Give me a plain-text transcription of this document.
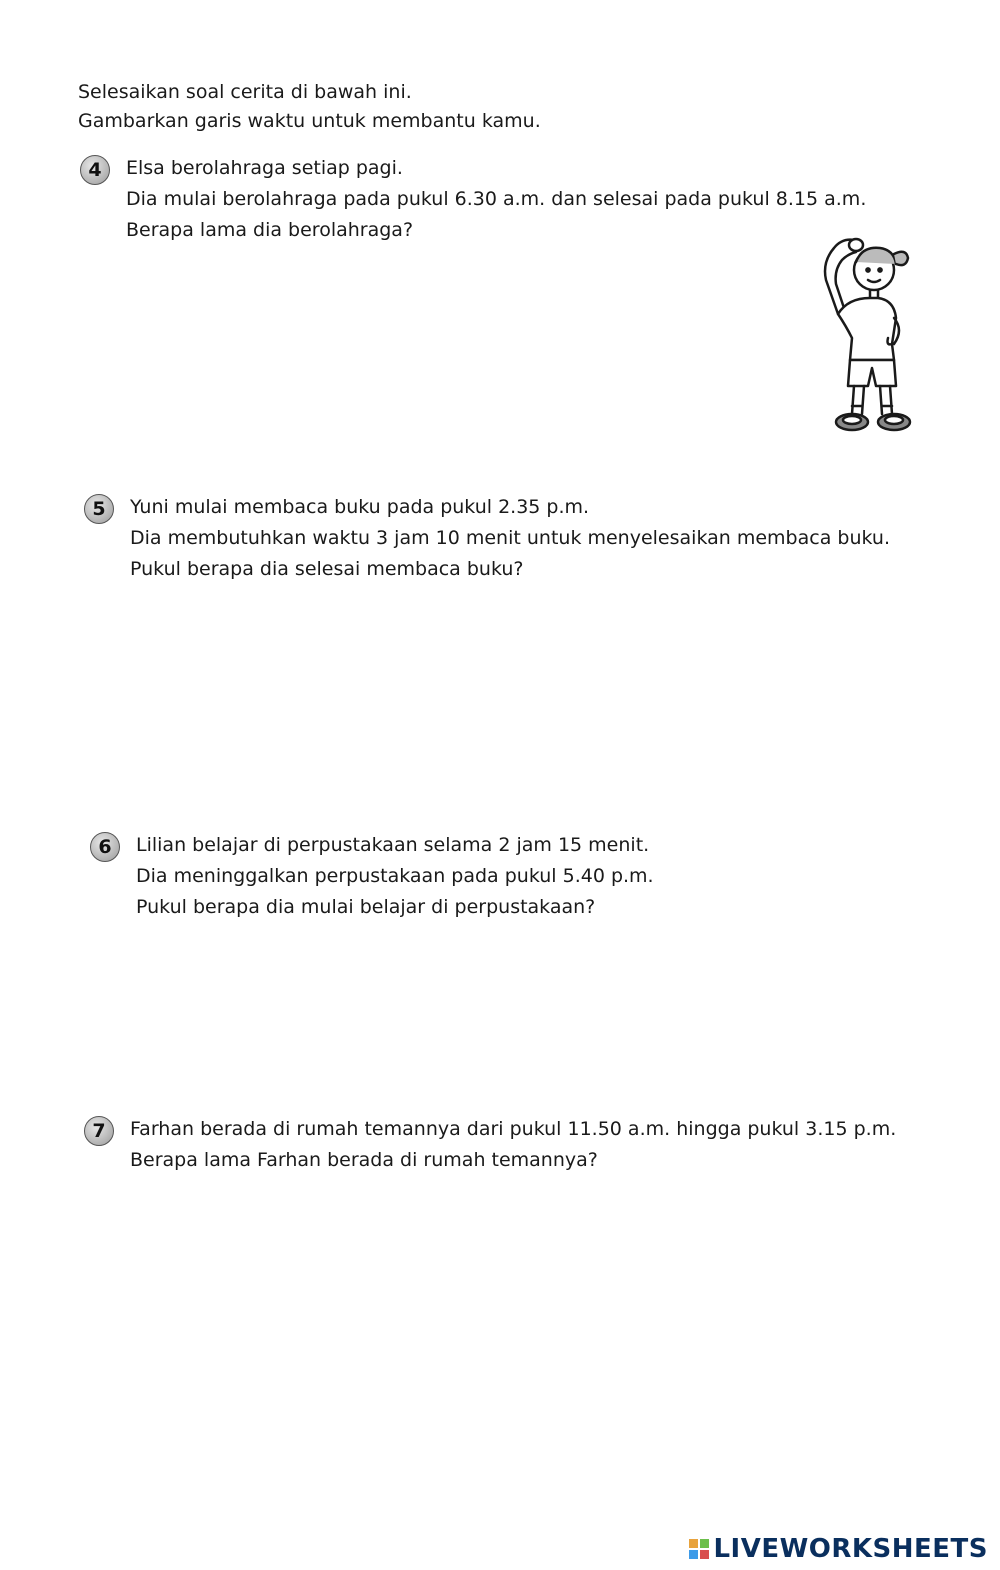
Selesaikan soal cerita di bawah ini.
Gambarkan garis waktu untuk membantu kamu.
4	Elsa berolahraga setiap pagi.
Dia mulai berolahraga pada pukul 6.30 a.m. dan selesai pada pukul 8.15 a.m.
Berapa lama dia berolahraga?
5	Yuni mulai membaca buku pada pukul 2.35 p.m.
Dia membutuhkan waktu 3 jam 10 menit untuk menyelesaikan membaca buku.
Pukul berapa dia selesai membaca buku?
6	Lilian belajar di perpustakaan selama 2 jam 15 menit.
Dia meninggalkan perpustakaan pada pukul 5.40 p.m.
Pukul berapa dia mulai belajar di perpustakaan?
7	Farhan berada di rumah temannya dari pukul 11.50 a.m. hingga pukul 3.15 p.m.
Berapa lama Farhan berada di rumah temannya?
LIVEWORKSHEETS
